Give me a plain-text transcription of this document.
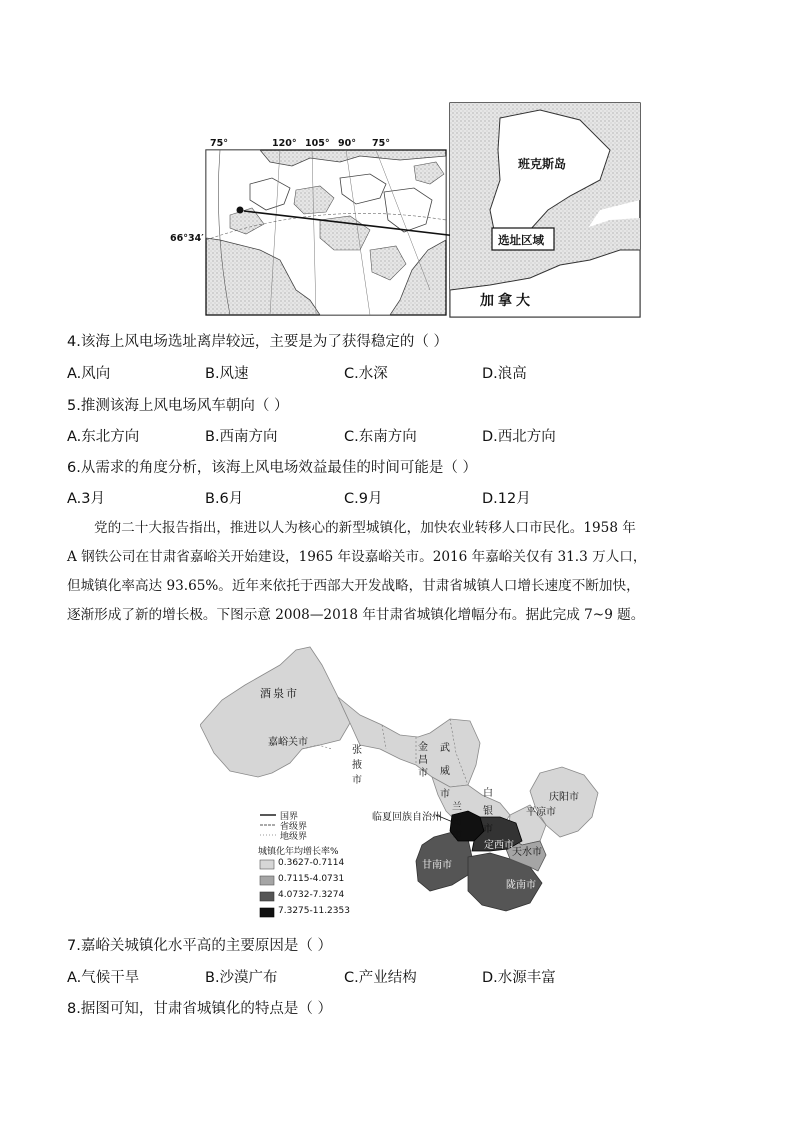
75°	120° 105° 90° 75°
66°34′
班克斯岛
选址区域
加拿大
4.该海上风电场选址离岸较远，主要是为了获得稳定的（ ）
A.风向	B.风速	C.水深	D.浪高
5.推测该海上风电场风车朝向（ ）
A.东北方向	B.西南方向	C.东南方向	D.西北方向
6.从需求的角度分析，该海上风电场效益最佳的时间可能是（ ）
A.3月	B.6月	C.9月	D.12月
党的二十大报告指出，推进以人为核心的新型城镇化，加快农业转移人口市民化。1958 年
A 钢铁公司在甘肃省嘉峪关开始建设，1965 年设嘉峪关市。2016 年嘉峪关仅有 31.3 万人口，
但城镇化率高达 93.65%。近年来依托于西部大开发战略，甘肃省城镇人口增长速度不断加快，
逐渐形成了新的增长极。下图示意 2008—2018 年甘肃省城镇化增幅分布。据此完成 7~9 题。
酒泉市
嘉峪关市
张掖市
金昌市
武威市	白银市
兰州市
庆阳市
平凉市
临夏回族自治州
定西市
天水市
甘南市
陇南市
国界
省级界
地级界
城镇化年均增长率%
0.3627-0.7114
0.7115-4.0731
4.0732-7.3274
7.3275-11.2353
7.嘉峪关城镇化水平高的主要原因是（ ）
A.气候干旱	B.沙漠广布	C.产业结构	D.水源丰富
8.据图可知，甘肃省城镇化的特点是（ ）
